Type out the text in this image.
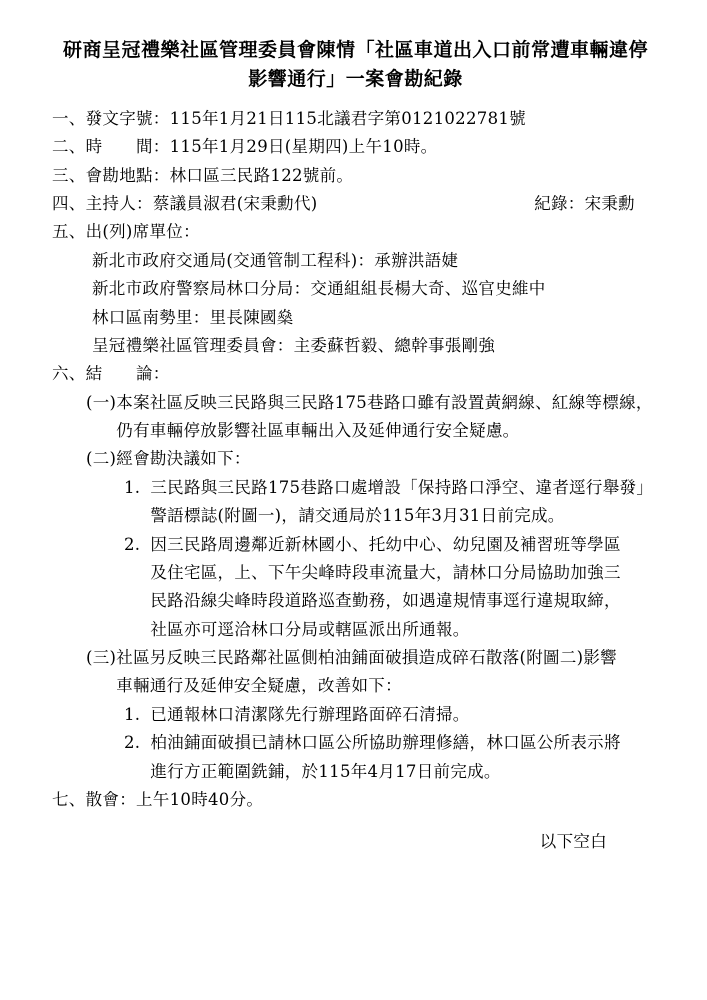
研商呈冠禮樂社區管理委員會陳情「社區車道出入口前常遭車輛違停
影響通行」一案會勘紀錄
一、發文字號： 115年1月21日115北議君字第0121022781號
二、時　　間： 115年1月29日(星期四)上午10時。
三、會勘地點： 林口區三民路122號前。
四、主持人： 蔡議員淑君(宋秉勳代)	紀錄：宋秉勳
五、出(列)席單位：
新北市政府交通局(交通管制工程科)：承辦洪語婕
新北市政府警察局林口分局：交通組組長楊大奇、巡官史維中
林口區南勢里：里長陳國燊
呈冠禮樂社區管理委員會：主委蘇哲毅、總幹事張剛強
六、結　　論：
(一) 本案社區反映三民路與三民路175巷路口雖有設置黃網線、紅線等標線，
仍有車輛停放影響社區車輛出入及延伸通行安全疑慮。
(二) 經會勘決議如下：
1. 三民路與三民路175巷路口處增設「保持路口淨空、違者逕行舉發」
警語標誌(附圖一)，請交通局於115年3月31日前完成。
2. 因三民路周邊鄰近新林國小、托幼中心、幼兒園及補習班等學區
及住宅區，上、下午尖峰時段車流量大，請林口分局協助加強三
民路沿線尖峰時段道路巡查勤務，如遇違規情事逕行違規取締，
社區亦可逕洽林口分局或轄區派出所通報。
(三) 社區另反映三民路鄰社區側柏油鋪面破損造成碎石散落(附圖二)影響
車輛通行及延伸安全疑慮，改善如下：
1. 已通報林口清潔隊先行辦理路面碎石清掃。
2. 柏油鋪面破損已請林口區公所協助辦理修繕，林口區公所表示將
進行方正範圍銑鋪，於115年4月17日前完成。
七、散會： 上午10時40分。
以下空白
